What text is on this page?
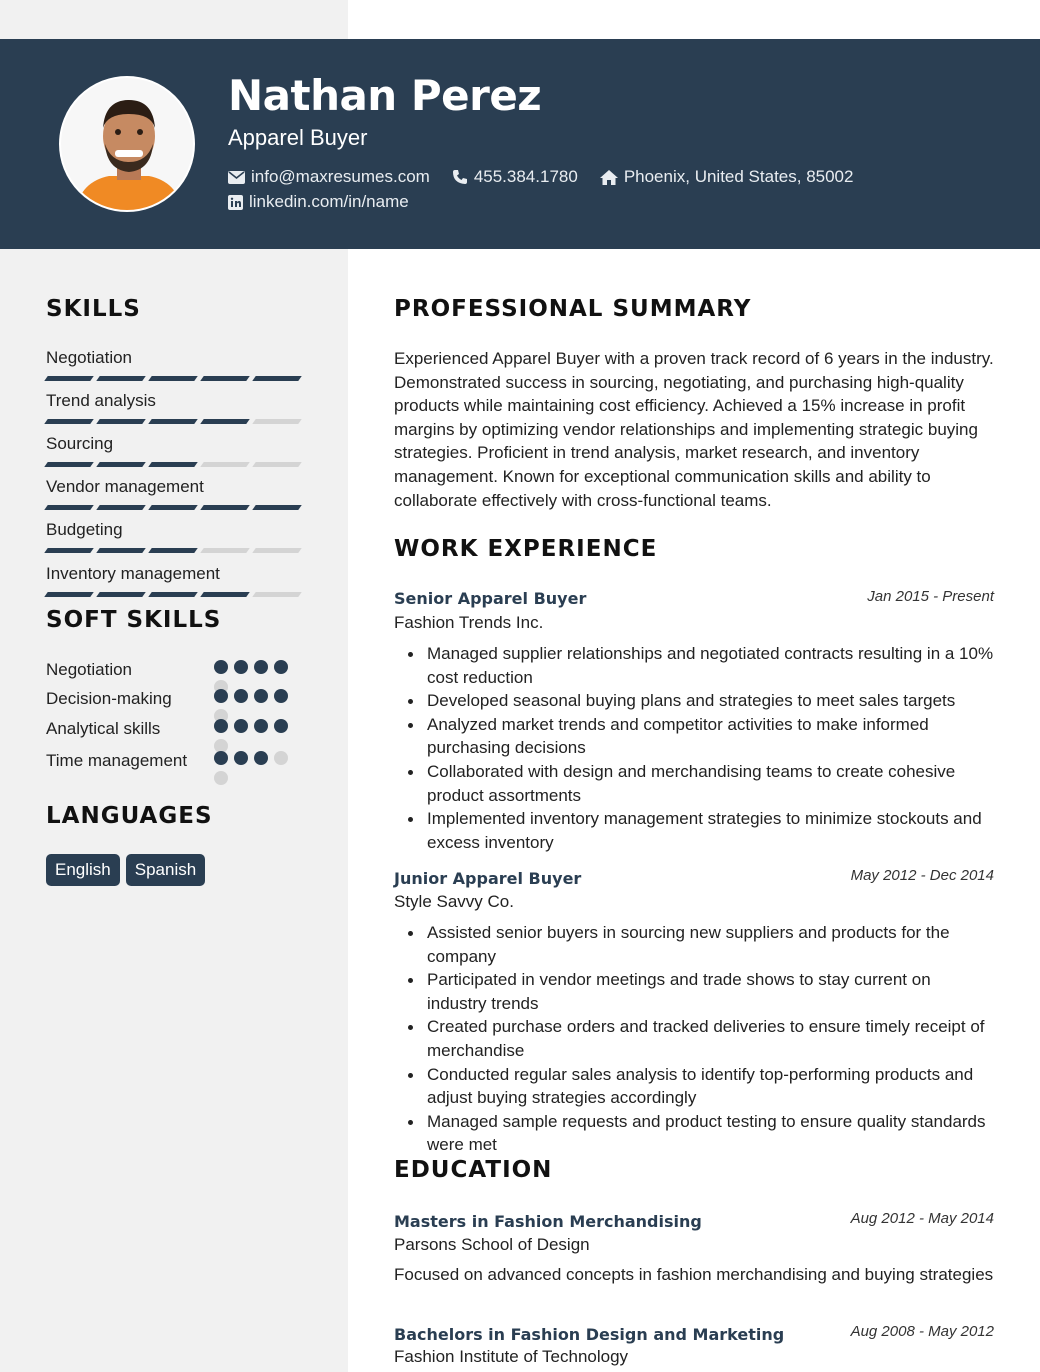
Nathan Perez
Apparel Buyer
info@maxresumes.com	455.384.1780	Phoenix, United States, 85002
linkedin.com/in/name
SKILLS
Negotiation
Trend analysis
Sourcing
Vendor management
Budgeting
Inventory management
SOFT SKILLS
Negotiation
Decision-making
Analytical skills
Time management
LANGUAGES
English	Spanish
PROFESSIONAL SUMMARY
Experienced Apparel Buyer with a proven track record of 6 years in the industry. Demonstrated success in sourcing, negotiating, and purchasing high-quality products while maintaining cost efficiency. Achieved a 15% increase in profit margins by optimizing vendor relationships and implementing strategic buying strategies. Proficient in trend analysis, market research, and inventory management. Known for exceptional communication skills and ability to collaborate effectively with cross-functional teams.
WORK EXPERIENCE
Senior Apparel Buyer	Jan 2015 - Present
Fashion Trends Inc.
Managed supplier relationships and negotiated contracts resulting in a 10% cost reduction
Developed seasonal buying plans and strategies to meet sales targets
Analyzed market trends and competitor activities to make informed purchasing decisions
Collaborated with design and merchandising teams to create cohesive product assortments
Implemented inventory management strategies to minimize stockouts and excess inventory
Junior Apparel Buyer	May 2012 - Dec 2014
Style Savvy Co.
Assisted senior buyers in sourcing new suppliers and products for the company
Participated in vendor meetings and trade shows to stay current on industry trends
Created purchase orders and tracked deliveries to ensure timely receipt of merchandise
Conducted regular sales analysis to identify top-performing products and adjust buying strategies accordingly
Managed sample requests and product testing to ensure quality standards were met
EDUCATION
Masters in Fashion Merchandising	Aug 2012 - May 2014
Parsons School of Design
Focused on advanced concepts in fashion merchandising and buying strategies
Bachelors in Fashion Design and Marketing	Aug 2008 - May 2012
Fashion Institute of Technology
